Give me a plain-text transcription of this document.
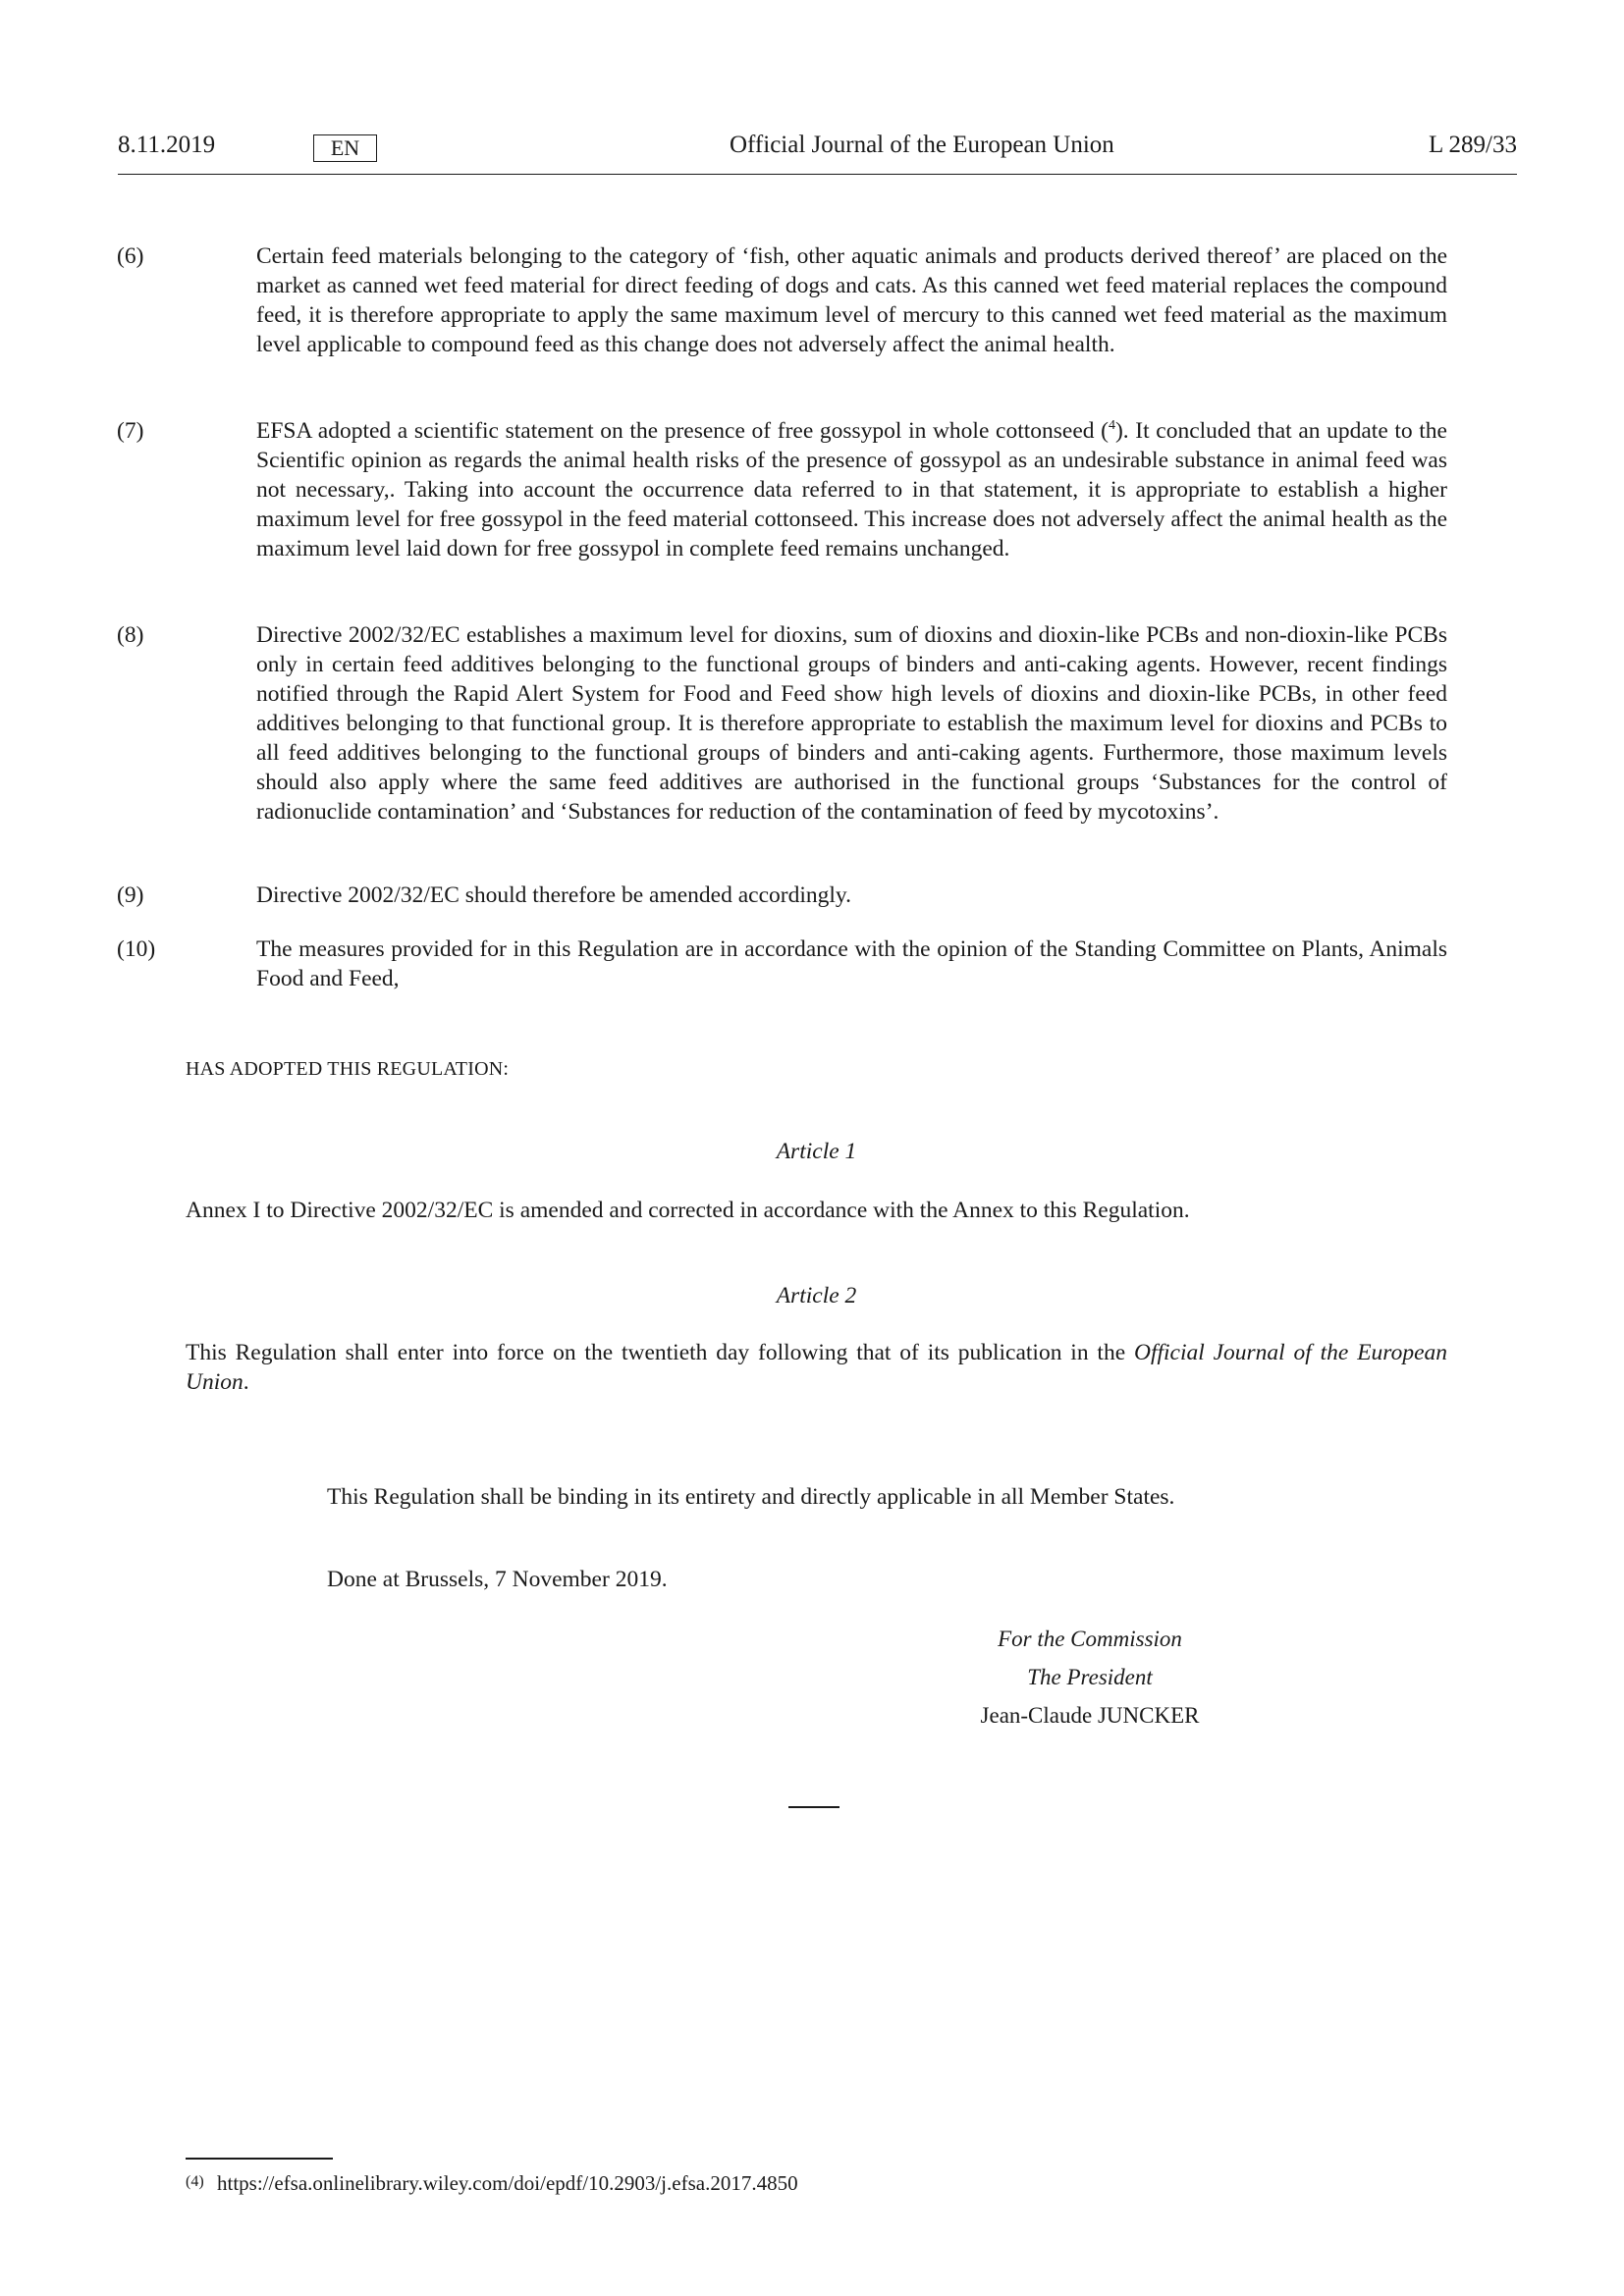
8.11.2019	EN	Official Journal of the European Union	L 289/33
(6)	Certain feed materials belonging to the category of ‘fish, other aquatic animals and products derived thereof’ are placed on the market as canned wet feed material for direct feeding of dogs and cats. As this canned wet feed material replaces the compound feed, it is therefore appropriate to apply the same maximum level of mercury to this canned wet feed material as the maximum level applicable to compound feed as this change does not adversely affect the animal health.
(7)	EFSA adopted a scientific statement on the presence of free gossypol in whole cottonseed ($^4$). It concluded that an update to the Scientific opinion as regards the animal health risks of the presence of gossypol as an undesirable substance in animal feed was not necessary,. Taking into account the occurrence data referred to in that statement, it is appropriate to establish a higher maximum level for free gossypol in the feed material cottonseed. This increase does not adversely affect the animal health as the maximum level laid down for free gossypol in complete feed remains unchanged.
(8)	Directive 2002/32/EC establishes a maximum level for dioxins, sum of dioxins and dioxin-like PCBs and non-dioxin-like PCBs only in certain feed additives belonging to the functional groups of binders and anti-caking agents. However, recent findings notified through the Rapid Alert System for Food and Feed show high levels of dioxins and dioxin-like PCBs, in other feed additives belonging to that functional group. It is therefore appropriate to establish the maximum level for dioxins and PCBs to all feed additives belonging to the functional groups of binders and anti-caking agents. Furthermore, those maximum levels should also apply where the same feed additives are authorised in the functional groups ‘Substances for the control of radionuclide contamination’ and ‘Substances for reduction of the contamination of feed by mycotoxins’.
(9)	Directive 2002/32/EC should therefore be amended accordingly.
(10)	The measures provided for in this Regulation are in accordance with the opinion of the Standing Committee on Plants, Animals Food and Feed,
HAS ADOPTED THIS REGULATION:
Article 1
Annex I to Directive 2002/32/EC is amended and corrected in accordance with the Annex to this Regulation.
Article 2
This Regulation shall enter into force on the twentieth day following that of its publication in the Official Journal of the European Union.
This Regulation shall be binding in its entirety and directly applicable in all Member States.
Done at Brussels, 7 November 2019.
For the Commission
The President
Jean-Claude JUNCKER
(4) https://efsa.onlinelibrary.wiley.com/doi/epdf/10.2903/j.efsa.2017.4850
